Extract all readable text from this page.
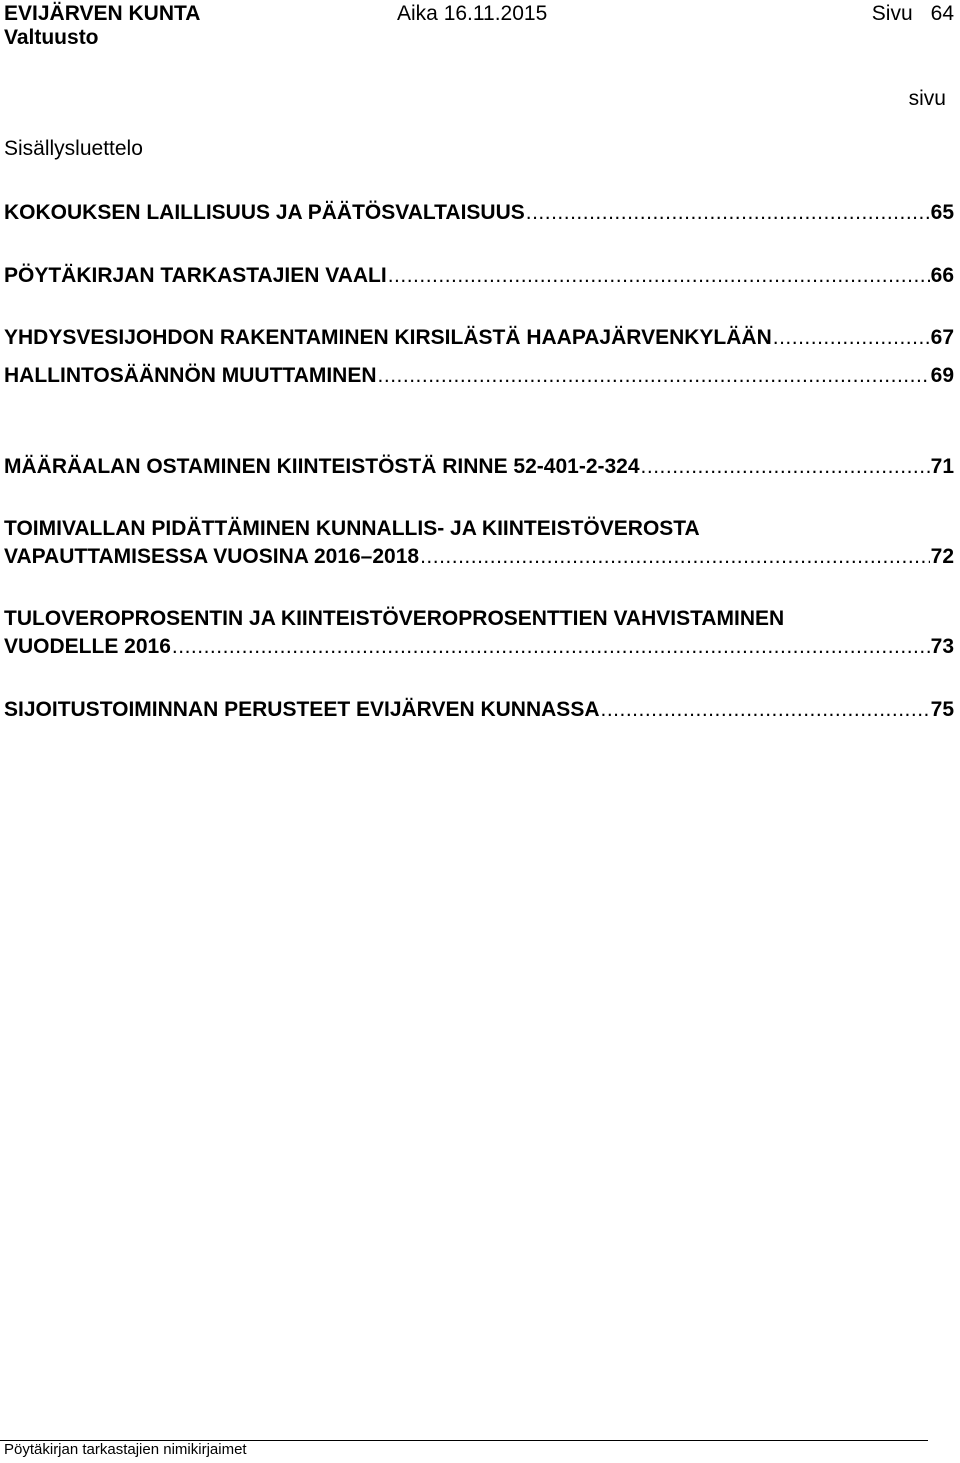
EVIJÄRVEN KUNTA
Valtuusto
Aika 16.11.2015	Sivu 64
sivu
Sisällysluettelo
KOKOUKSEN LAILLISUUS JA PÄÄTÖSVALTAISUUS .....	65
PÖYTÄKIRJAN TARKASTAJIEN VAALI .....	66
YHDYSVESIJOHDON RAKENTAMINEN KIRSILÄSTÄ HAAPAJÄRVENKYLÄÄN .....	67
HALLINTOSÄÄNNÖN MUUTTAMINEN .....	69
MÄÄRÄALAN OSTAMINEN KIINTEISTÖSTÄ RINNE 52-401-2-324 .....	71
TOIMIVALLAN PIDÄTTÄMINEN KUNNALLIS- JA KIINTEISTÖVEROSTA
VAPAUTTAMISESSA VUOSINA 2016–2018 .....	72
TULOVEROPROSENTIN JA KIINTEISTÖVEROPROSENTTIEN VAHVISTAMINEN
VUODELLE 2016 .....	73
SIJOITUSTOIMINNAN PERUSTEET EVIJÄRVEN KUNNASSA .....	75
Pöytäkirjan tarkastajien nimikirjaimet
